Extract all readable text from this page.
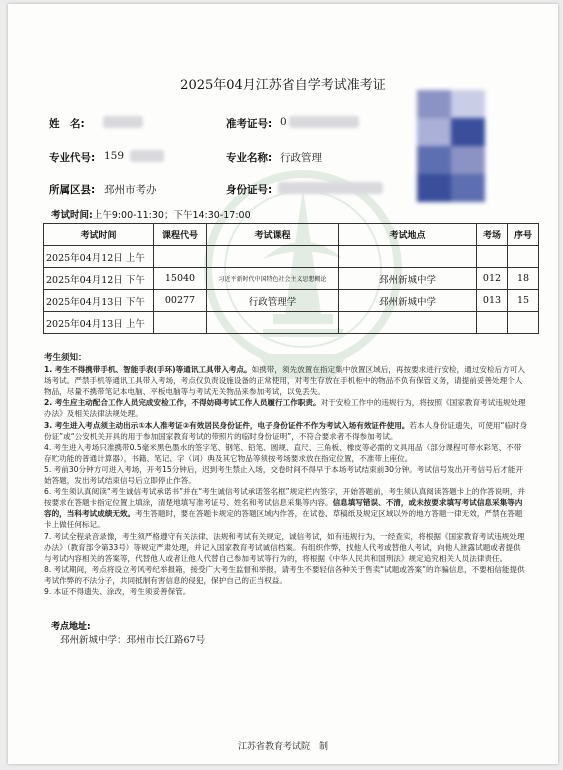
2025年04月江苏省自学考试准考证
姓　名:	准考证号: 0
专业代号: 159	专业名称: 行政管理
所属区县: 邳州市考办	身份证号:
考试时间:上午9:00-11:30；下午14:30-17:00
考试时间	课程代号	考试课程	考试地点	考场	序号
2025年04月12日 上午					
2025年04月12日 下午	15040	习近平新时代中国特色社会主义思想概论	邳州新城中学	012	18
2025年04月13日 下午	00277	行政管理学	邳州新城中学	013	15
2025年04月13日 上午					

考生须知：

1. 考生不得携带手机、智能手表(手环)等通讯工具带入考点。如携带，须先放置在指定集中放置区域后，再按要求进行安检，通过安检后方可入场考试。严禁手机等通讯工具带入考场，考点仅负责设施设备的正常使用，对考生存放在手机柜中的物品不负有保管义务，请提前妥善处理个人物品，尽量不携带笔记本电脑、平板电脑等与考试无关物品来参加考试，以免丢失。

2. 考生应主动配合工作人员完成安检工作，不得妨碍考试工作人员履行工作职责。对于安检工作中的违规行为，将按照《国家教育考试违规处理办法》及相关法律法规处理。

3. 考生进入考点须主动出示①本人准考证②有效居民身份证件，电子身份证件不作为考试入场有效证件使用。若本人身份证遗失，可使用“临时身份证”或“公安机关开具的用于参加国家教育考试的带照片的临时身份证明”，不符合要求者不得参加考试。

4. 考生进入考场只准携带0.5毫米黑色墨水的签字笔、钢笔、铅笔、圆规、直尺、三角板、橡皮等必需的文具用品（部分课程可带水彩笔、不带存贮功能的普通计算器），书籍、笔记、字（词）典及其它物品等须按考场要求放在指定位置，不准带上座位。

5. 考前30分钟方可进入考场，开考15分钟后，迟到考生禁止入场，交卷时间不得早于本场考试结束前30分钟。考试信号发出开考信号后才能开始答题，发出考试结束信号后立即停止作答。

6. 考生须认真阅读“考生诚信考试承诺书”并在“考生诚信考试承诺签名框”规定栏内签字，开始答题前，考生须认真阅读答题卡上的作答说明，并按要求在答题卡指定位置上填涂，清楚地填写准考证号、姓名和考试信息采集等内容。信息填写错误、不清，或未按要求填写考试信息采集等内容的，当科考试成绩无效。考生答题时，要在答题卡规定的答题区域内作答，在试卷、草稿纸及规定区域以外的地方答题一律无效，严禁在答题卡上做任何标记。

7. 考试全程录音录像，考生须严格遵守有关法律、法规和考试有关规定，诚信考试，如有违规行为，一经查实，将根据《国家教育考试违规处理办法》（教育部令第33号）等规定严肃处理，并记入国家教育考试诚信档案。有组织作弊，找他人代考或替他人考试，向他人泄露试题或者提供与考试内容相关的答案等，代替他人或者让他人代替自己参加考试等行为的，将根据《中华人民共和国刑法》规定追究相关人员法律责任。

8. 考试期间，考点将设立考风考纪举报箱，接受广大考生监督和举报，请考生不要轻信各种关于售卖“试题或答案”的诈骗信息，不要相信能提供考试作弊的不法分子，共同抵制有害信息的侵犯，保护自己的正当权益。

9. 本证不得遗失、涂改，考生须妥善保管。

考点地址:
邳州新城中学：邳州市长江路67号
江苏省教育考试院　制
